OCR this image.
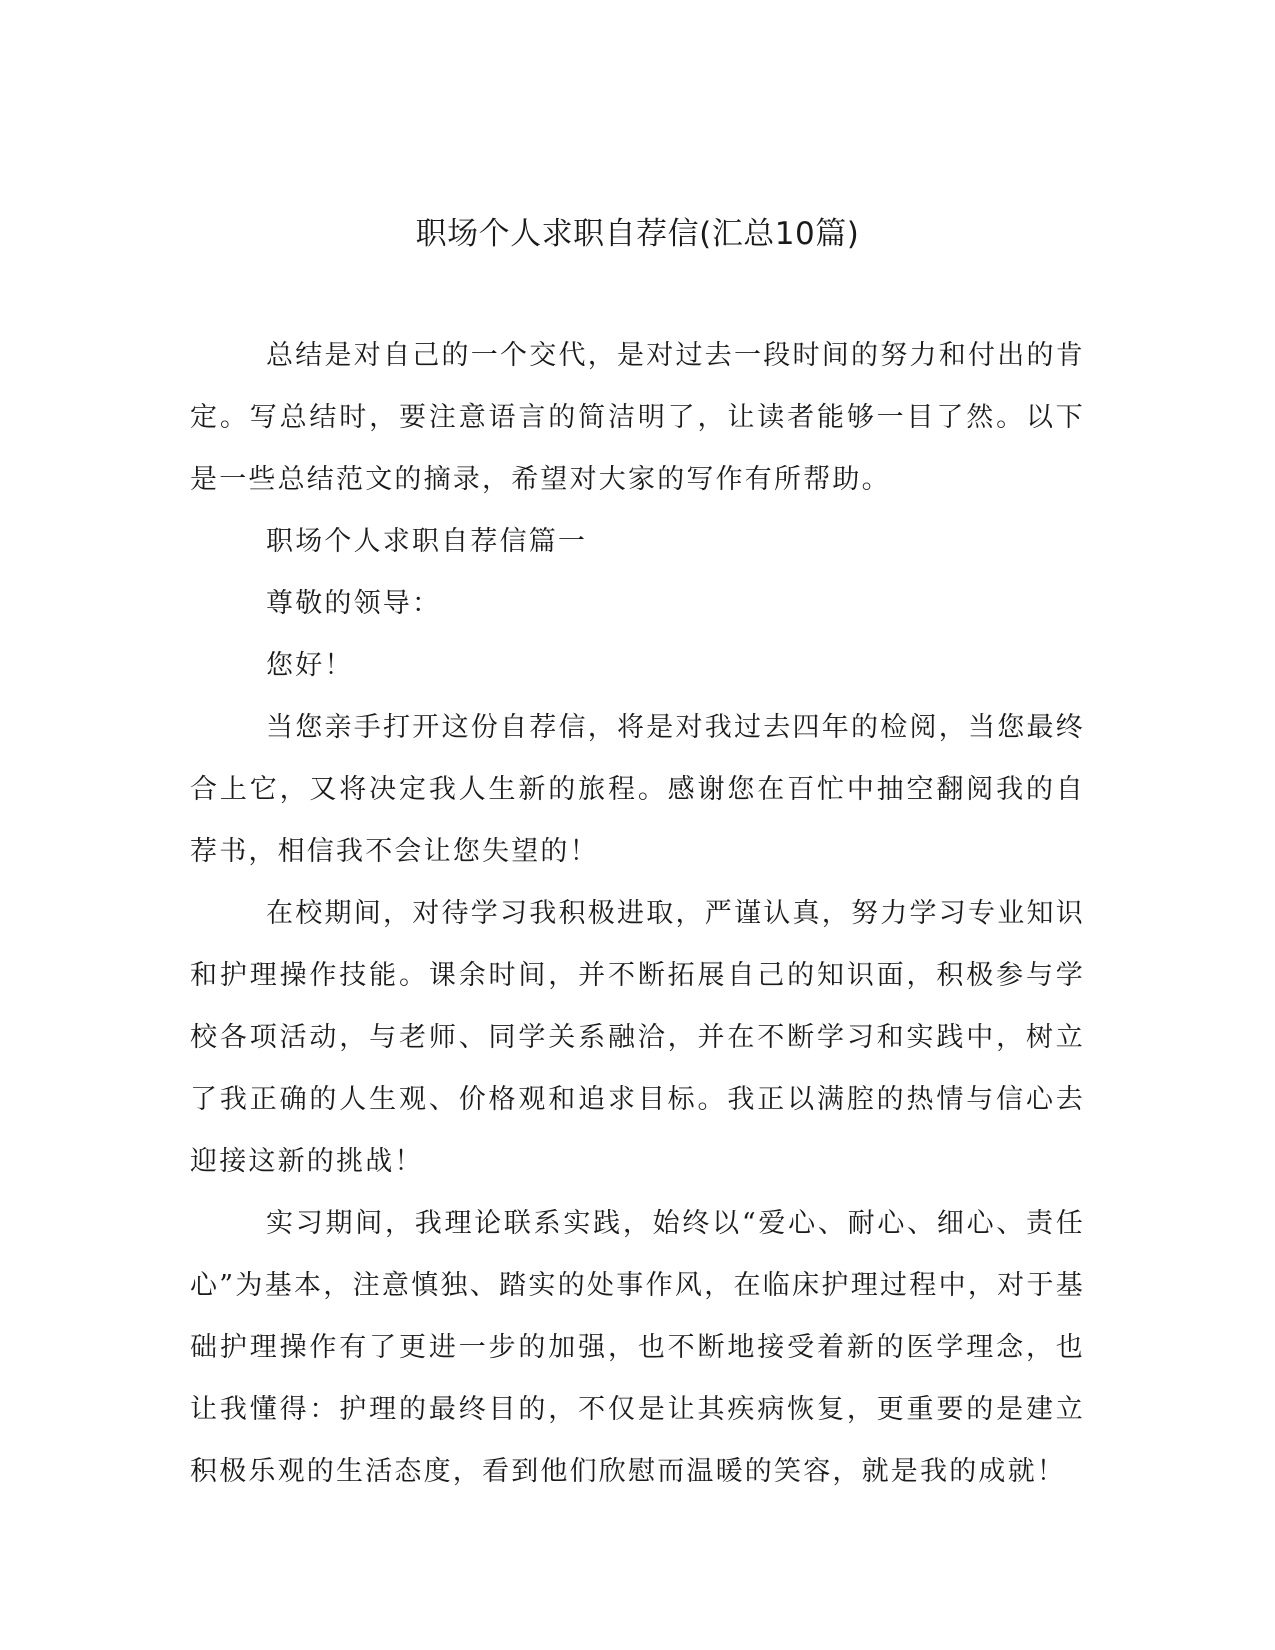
职场个人求职自荐信(汇总10篇)

总结是对自己的一个交代，是对过去一段时间的努力和付出的肯定。写总结时，要注意语言的简洁明了，让读者能够一目了然。以下是一些总结范文的摘录，希望对大家的写作有所帮助。

职场个人求职自荐信篇一

尊敬的领导：

您好！

当您亲手打开这份自荐信，将是对我过去四年的检阅，当您最终合上它，又将决定我人生新的旅程。感谢您在百忙中抽空翻阅我的自荐书，相信我不会让您失望的！

在校期间，对待学习我积极进取，严谨认真，努力学习专业知识和护理操作技能。课余时间，并不断拓展自己的知识面，积极参与学校各项活动，与老师、同学关系融洽，并在不断学习和实践中，树立了我正确的人生观、价格观和追求目标。我正以满腔的热情与信心去迎接这新的挑战！

实习期间，我理论联系实践，始终以“爱心、耐心、细心、责任心”为基本，注意慎独、踏实的处事作风，在临床护理过程中，对于基础护理操作有了更进一步的加强，也不断地接受着新的医学理念，也让我懂得：护理的最终目的，不仅是让其疾病恢复，更重要的是建立积极乐观的生活态度，看到他们欣慰而温暖的笑容，就是我的成就！
